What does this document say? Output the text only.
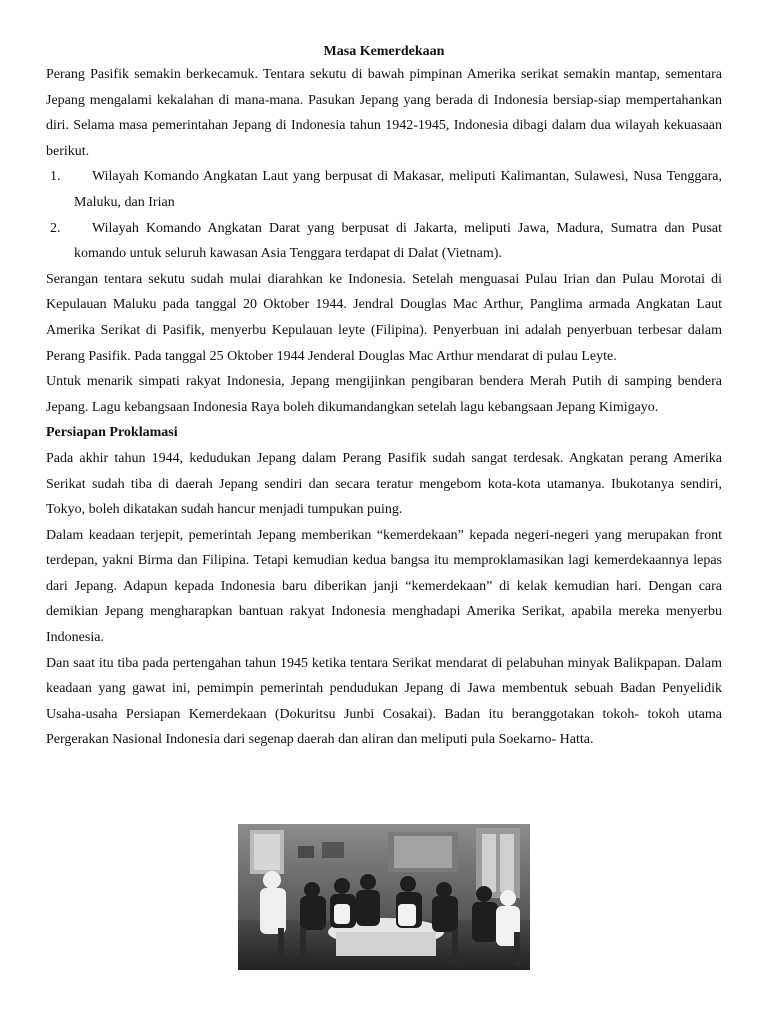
Masa Kemerdekaan

Perang Pasifik semakin berkecamuk. Tentara sekutu di bawah pimpinan Amerika serikat semakin mantap, sementara Jepang mengalami kekalahan di mana-mana. Pasukan Jepang yang berada di Indonesia bersiap-siap mempertahankan diri. Selama masa pemerintahan Jepang di Indonesia tahun 1942-1945, Indonesia dibagi dalam dua wilayah kekuasaan berikut.

1.	Wilayah Komando Angkatan Laut yang berpusat di Makasar, meliputi Kalimantan, Sulawesi, Nusa Tenggara, Maluku, dan Irian
2.	Wilayah Komando Angkatan Darat yang berpusat di Jakarta, meliputi Jawa, Madura, Sumatra dan Pusat komando untuk seluruh kawasan Asia Tenggara terdapat di Dalat (Vietnam).

Serangan tentara sekutu sudah mulai diarahkan ke Indonesia. Setelah menguasai Pulau Irian dan Pulau Morotai di Kepulauan Maluku pada tanggal 20 Oktober 1944. Jendral Douglas Mac Arthur, Panglima armada Angkatan Laut Amerika Serikat di Pasifik, menyerbu Kepulauan leyte (Filipina). Penyerbuan ini adalah penyerbuan terbesar dalam Perang Pasifik. Pada tanggal 25 Oktober 1944 Jenderal Douglas Mac Arthur mendarat di pulau Leyte.

Untuk menarik simpati rakyat Indonesia, Jepang mengijinkan pengibaran bendera Merah Putih di samping bendera Jepang. Lagu kebangsaan Indonesia Raya boleh dikumandangkan setelah lagu kebangsaan Jepang Kimigayo.

Persiapan Proklamasi

Pada akhir tahun 1944, kedudukan Jepang dalam Perang Pasifik sudah sangat terdesak. Angkatan perang Amerika Serikat sudah tiba di daerah Jepang sendiri dan secara teratur mengebom kota-kota utamanya. Ibukotanya sendiri, Tokyo, boleh dikatakan sudah hancur menjadi tumpukan puing.

Dalam keadaan terjepit, pemerintah Jepang memberikan “kemerdekaan” kepada negeri-negeri yang merupakan front terdepan, yakni Birma dan Filipina. Tetapi kemudian kedua bangsa itu memproklamasikan lagi kemerdekaannya lepas dari Jepang. Adapun kepada Indonesia baru diberikan janji “kemerdekaan” di kelak kemudian hari. Dengan cara demikian Jepang mengharapkan bantuan rakyat Indonesia menghadapi Amerika Serikat, apabila mereka menyerbu Indonesia.

Dan saat itu tiba pada pertengahan tahun 1945 ketika tentara Serikat mendarat di pelabuhan minyak Balikpapan. Dalam keadaan yang gawat ini, pemimpin pemerintah pendudukan Jepang di Jawa membentuk sebuah Badan Penyelidik Usaha-usaha Persiapan Kemerdekaan (Dokuritsu Junbi Cosakai). Badan itu beranggotakan tokoh- tokoh utama Pergerakan Nasional Indonesia dari segenap daerah dan aliran dan meliputi pula Soekarno- Hatta.
